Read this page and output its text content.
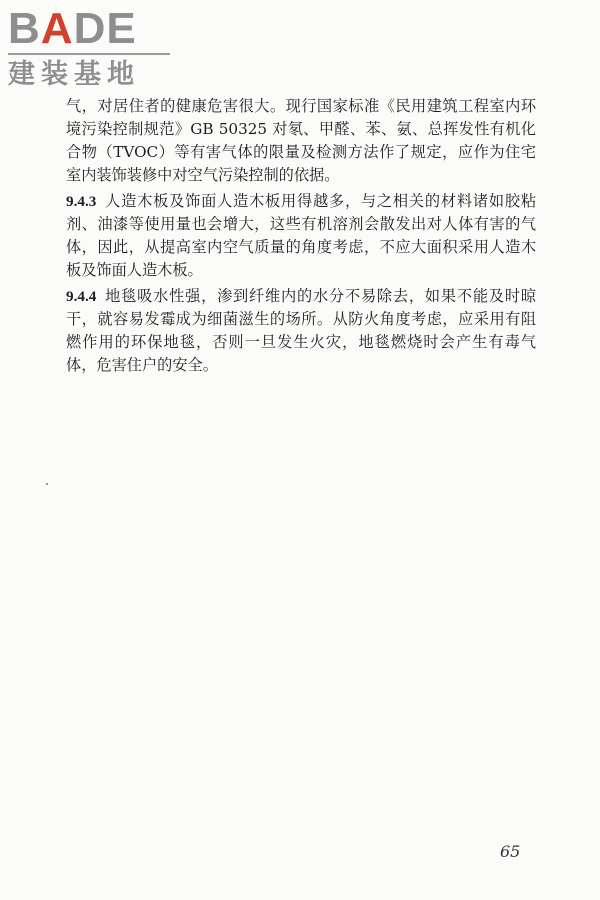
BADE
建装基地

气，对居住者的健康危害很大。现行国家标准《民用建筑工程室内环境污染控制规范》GB 50325 对氡、甲醛、苯、氨、总挥发性有机化合物（TVOC）等有害气体的限量及检测方法作了规定，应作为住宅室内装饰装修中对空气污染控制的依据。

9.4.3 人造木板及饰面人造木板用得越多，与之相关的材料诸如胶粘剂、油漆等使用量也会增大，这些有机溶剂会散发出对人体有害的气体，因此，从提高室内空气质量的角度考虑，不应大面积采用人造木板及饰面人造木板。

9.4.4 地毯吸水性强，渗到纤维内的水分不易除去，如果不能及时晾干，就容易发霉成为细菌滋生的场所。从防火角度考虑，应采用有阻燃作用的环保地毯，否则一旦发生火灾，地毯燃烧时会产生有毒气体，危害住户的安全。

65
